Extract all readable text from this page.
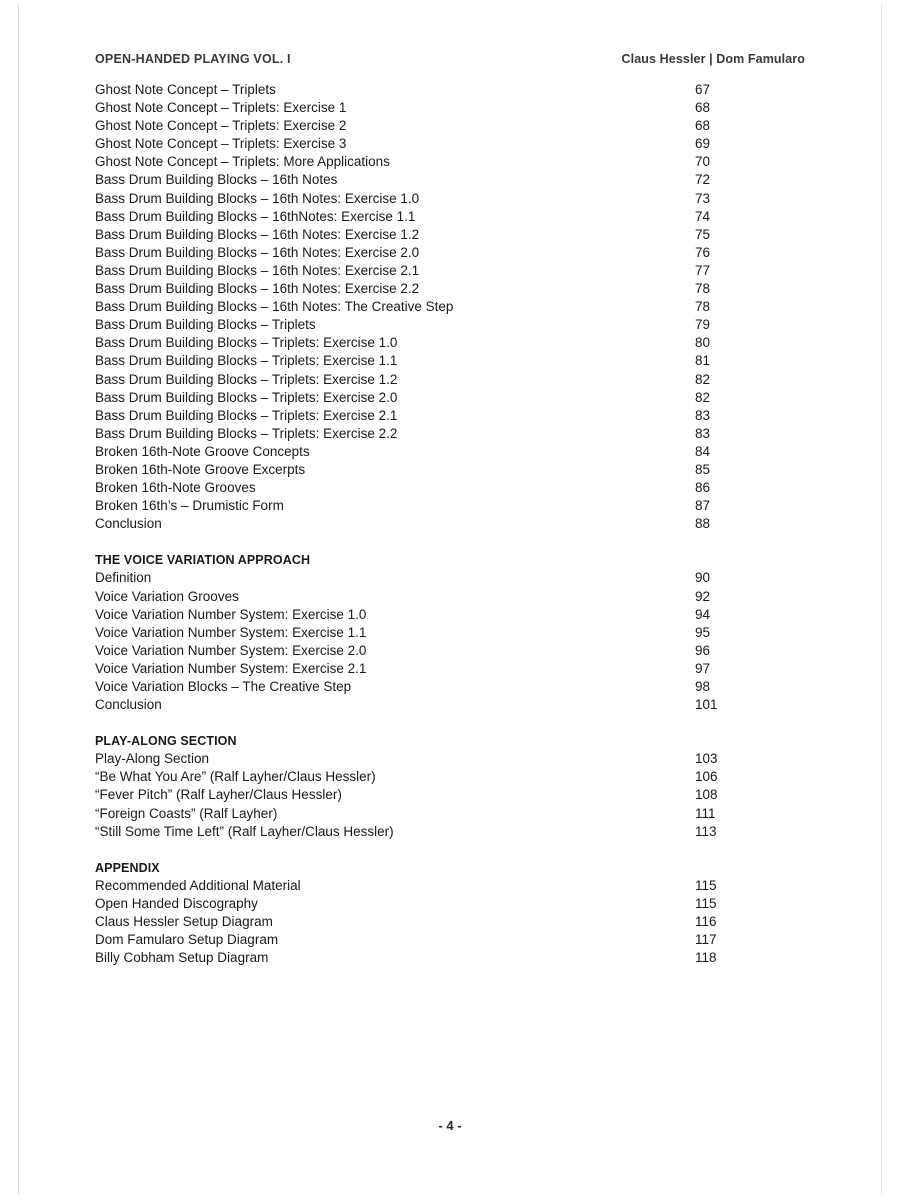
OPEN-HANDED PLAYING VOL. I	Claus Hessler | Dom Famularo
Ghost Note Concept – Triplets	67
Ghost Note Concept – Triplets: Exercise 1	68
Ghost Note Concept – Triplets: Exercise 2	68
Ghost Note Concept – Triplets: Exercise 3	69
Ghost Note Concept – Triplets: More Applications	70
Bass Drum Building Blocks – 16th Notes	72
Bass Drum Building Blocks – 16th Notes: Exercise 1.0	73
Bass Drum Building Blocks – 16thNotes: Exercise 1.1	74
Bass Drum Building Blocks – 16th Notes: Exercise 1.2	75
Bass Drum Building Blocks – 16th Notes: Exercise 2.0	76
Bass Drum Building Blocks – 16th Notes: Exercise 2.1	77
Bass Drum Building Blocks – 16th Notes: Exercise 2.2	78
Bass Drum Building Blocks – 16th Notes: The Creative Step	78
Bass Drum Building Blocks – Triplets	79
Bass Drum Building Blocks – Triplets: Exercise 1.0	80
Bass Drum Building Blocks – Triplets: Exercise 1.1	81
Bass Drum Building Blocks – Triplets: Exercise 1.2	82
Bass Drum Building Blocks – Triplets: Exercise 2.0	82
Bass Drum Building Blocks – Triplets: Exercise 2.1	83
Bass Drum Building Blocks – Triplets: Exercise 2.2	83
Broken 16th-Note Groove Concepts	84
Broken 16th-Note Groove Excerpts	85
Broken 16th-Note Grooves	86
Broken 16th’s – Drumistic Form	87
Conclusion	88
THE VOICE VARIATION APPROACH
Definition	90
Voice Variation Grooves	92
Voice Variation Number System: Exercise 1.0	94
Voice Variation Number System: Exercise 1.1	95
Voice Variation Number System: Exercise 2.0	96
Voice Variation Number System: Exercise 2.1	97
Voice Variation Blocks – The Creative Step	98
Conclusion	101
PLAY-ALONG SECTION
Play-Along Section	103
“Be What You Are” (Ralf Layher/Claus Hessler)	106
“Fever Pitch” (Ralf Layher/Claus Hessler)	108
“Foreign Coasts” (Ralf Layher)	111
“Still Some Time Left” (Ralf Layher/Claus Hessler)	113
APPENDIX
Recommended Additional Material	115
Open Handed Discography	115
Claus Hessler Setup Diagram	116
Dom Famularo Setup Diagram	117
Billy Cobham Setup Diagram	118
- 4 -
